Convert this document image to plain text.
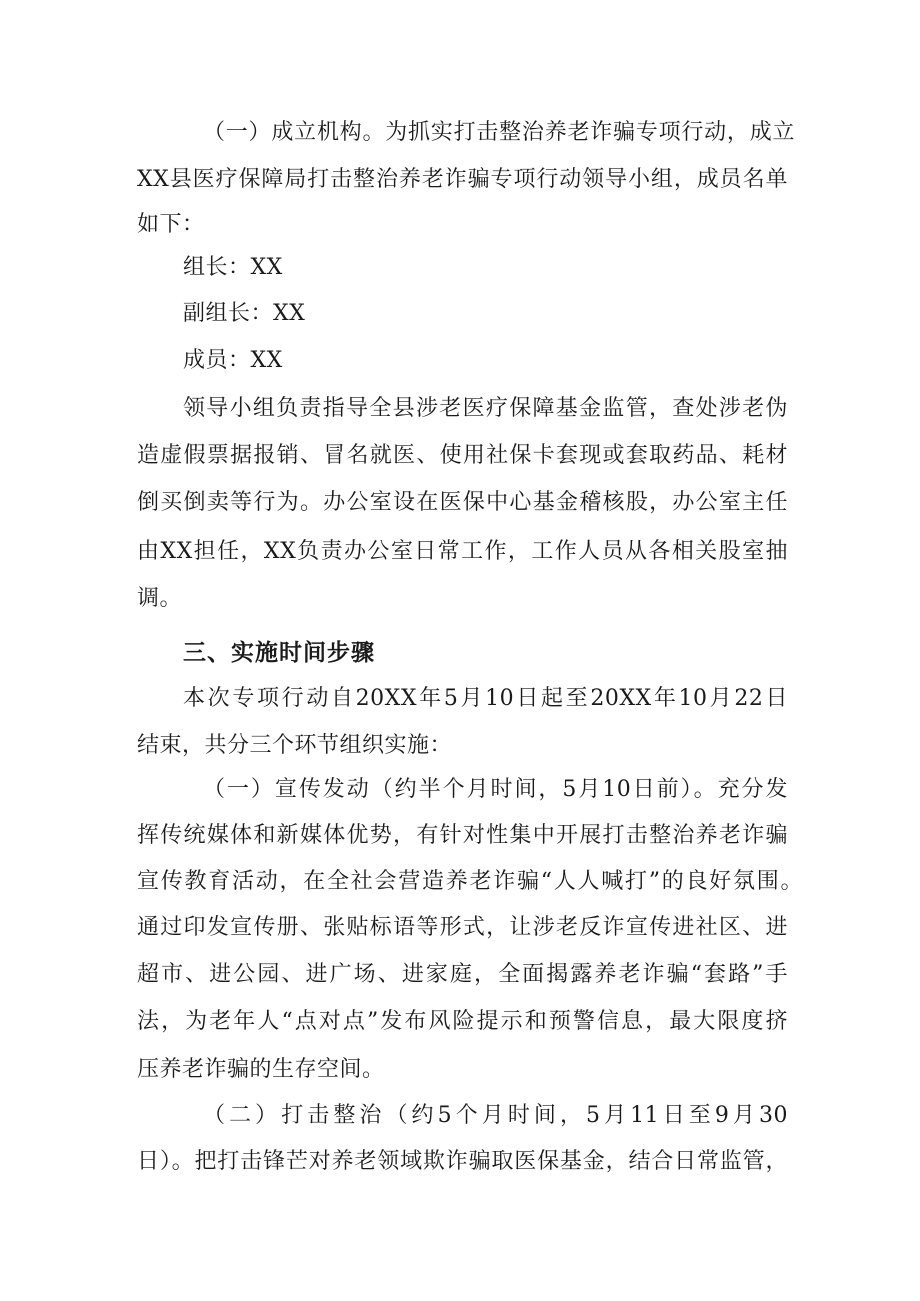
（一）成立机构。为抓实打击整治养老诈骗专项行动，成立
XX县医疗保障局打击整治养老诈骗专项行动领导小组，成员名单
如下：
组长：XX
副组长：XX
成员：XX
领导小组负责指导全县涉老医疗保障基金监管，查处涉老伪
造虚假票据报销、冒名就医、使用社保卡套现或套取药品、耗材
倒买倒卖等行为。办公室设在医保中心基金稽核股，办公室主任
由XX担任，XX负责办公室日常工作，工作人员从各相关股室抽
调。
三、实施时间步骤
本次专项行动自20XX年5月10日起至20XX年10月22日
结束，共分三个环节组织实施：
（一）宣传发动（约半个月时间，5月10日前）。充分发
挥传统媒体和新媒体优势，有针对性集中开展打击整治养老诈骗
宣传教育活动，在全社会营造养老诈骗“人人喊打”的良好氛围。
通过印发宣传册、张贴标语等形式，让涉老反诈宣传进社区、进
超市、进公园、进广场、进家庭，全面揭露养老诈骗“套路”手
法，为老年人“点对点”发布风险提示和预警信息，最大限度挤
压养老诈骗的生存空间。
（二）打击整治（约5个月时间，5月11日至9月30
日）。把打击锋芒对养老领域欺诈骗取医保基金，结合日常监管，
